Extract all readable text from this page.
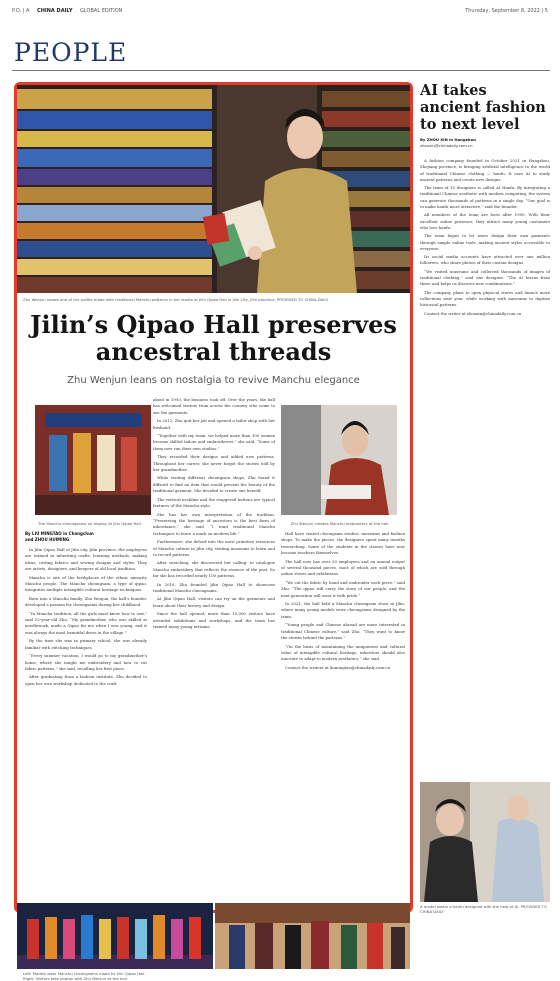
P.O. | A CHINA DAILY GLOBAL EDITION	Thursday, September 8, 2022 | 5
PEOPLE
Zhu Wenjun shows one of her outfits made with traditional Manchu patterns in her studio at Jilin Qipao Hall in Jilin City, Jilin province. PROVIDED TO CHINA DAILY
Jilin’s Qipao Hall preserves ancestral threads
Zhu Wenjun leans on nostalgia to revive Manchu elegance
The Manchu cheongsams on display at Jilin Qipao Hall.	Zhu Wenjun creates Manchu embroidery at the hall.
By LIU MINGTAO in Changchun
and ZHOU HUIMING

In Jilin Qipao Hall of Jilin city, Jilin province, the employees are trained in inheriting crafts, learning methods, making ideas, cutting fabrics and sewing designs and styles. They are artists, designers, and keepers of old local tradition.

Manchu is one of the birthplaces of the ethnic minority Manchu people. The Manchu cheongsam, a type of qipao, integrates multiple intangible cultural heritage techniques.

Born into a Manchu family, Zhu Wenjun, the hall’s founder, developed a passion for cheongsams during her childhood.

“In Manchu tradition, all the girls must know how to sew,” said 52-year-old Zhu. “My grandmother, who was skilled at needlework, made a Qipao for me when I was young, and it was always the most beautiful dress in the village.”

By the time she was in primary school, she was already familiar with stitching techniques.

“Every summer vacation, I would go to my grandmother’s home, where she taught me embroidery and how to cut fabric patterns,” she said, recalling her first piece.

After graduating from a fashion institute, Zhu decided to open her own workshop dedicated to the craft.

about in 1993, the business took off. Over the years, the hall has welcomed visitors from across the country who come to see the garments.

In 2012, Zhu quit her job and opened a tailor shop with her husband.

“Together with my team, we helped more than 100 women become skilled tailors and embroiderers,” she said. “Some of them now run their own studios.”

They recorded their designs and added new patterns. Throughout her career, she never forgot the stories told by her grandmother.

While visiting different cheongsam shops, Zhu found it difficult to find an item that would present the beauty of the traditional garment. She decided to create one herself.

The vertical neckline and the staggered buttons are typical features of the Manchu style.

She has her own interpretation of the tradition. “Preserving the heritage of ancestors is the best form of inheritance,” she said. “I want traditional Manchu techniques to leave a mark on modern life.”

Furthermore, she delved into the most primitive resources of Manchu culture in Jilin city, visiting museums to learn and to record patterns.

After searching, she discovered her calling: to catalogue Manchu embroidery that reflects the essence of the past. So far she has recorded nearly 100 patterns.

In 2016, Zhu founded Jilin Qipao Hall to showcase traditional Manchu cheongsams.

At Jilin Qipao Hall, visitors can try on the garments and learn about their history and design.

Since the hall opened, more than 10,000 visitors have attended exhibitions and workshops, and the team has trained many young artisans.

Hall have visited cheongsam studios, museums and fashion shops. To make the pieces, the designers spent many months researching. Some of the students in the classes have now become teachers themselves.

The hall now has over 50 employees and an annual output of several thousand pieces, most of which are sold through online stores and exhibitions.

“We cut the fabric by hand and embroider each piece,” said Zhu. “The qipao will carry the story of our people, and the next generation will wear it with pride.”

In 2021, the hall held a Manchu cheongsam show in Jilin, where many young models wore cheongsams designed by the team.

“Young people and Chinese abroad are more interested in traditional Chinese culture,” said Zhu. “They want to know the stories behind the patterns.”

“On the basis of maintaining the uniqueness and cultural value of intangible cultural heritage, inheritors should also innovate to adapt to modern aesthetics,” she said.

Contact the writers at liumingtao@chinadaily.com.cn

Left: Models wear Manchu cheongsams made by Jilin Qipao Hall.
Right: Visitors take photos with Zhu Wenjun at the hall.
AI takes ancient fashion to next level
By ZHOU XIN in Hangzhou
zhouxin@chinadaily.com.cn

A fashion company founded in October 2021 in Hangzhou, Zhejiang province, is bringing artificial intelligence to the world of traditional Chinese clothing — hanfu. It uses AI to study ancient patterns and create new designs.

The team of 10 designers is called AI Hanfu. By integrating a traditional Chinese aesthetic with modern computing, the system can generate thousands of patterns in a single day. “Our goal is to make hanfu more attractive,” said the founder.

All members of the team are born after 1990. With their excellent online presence, they attract many young customers who love hanfu.

The team hopes to let users design their own garments through simple online tools, making ancient styles accessible to everyone.

Its social media accounts have attracted over one million followers, who share photos of their custom designs.

“We visited museums and collected thousands of images of traditional clothing,” said one designer. “The AI learns from these and helps us discover new combinations.”

The company plans to open physical stores and launch more collections next year, while working with museums to digitize historical patterns.

Contact the writer at zhouxin@chinadaily.com.cn

A model wears a hanfu designed with the help of AI. PROVIDED TO CHINA DAILY
